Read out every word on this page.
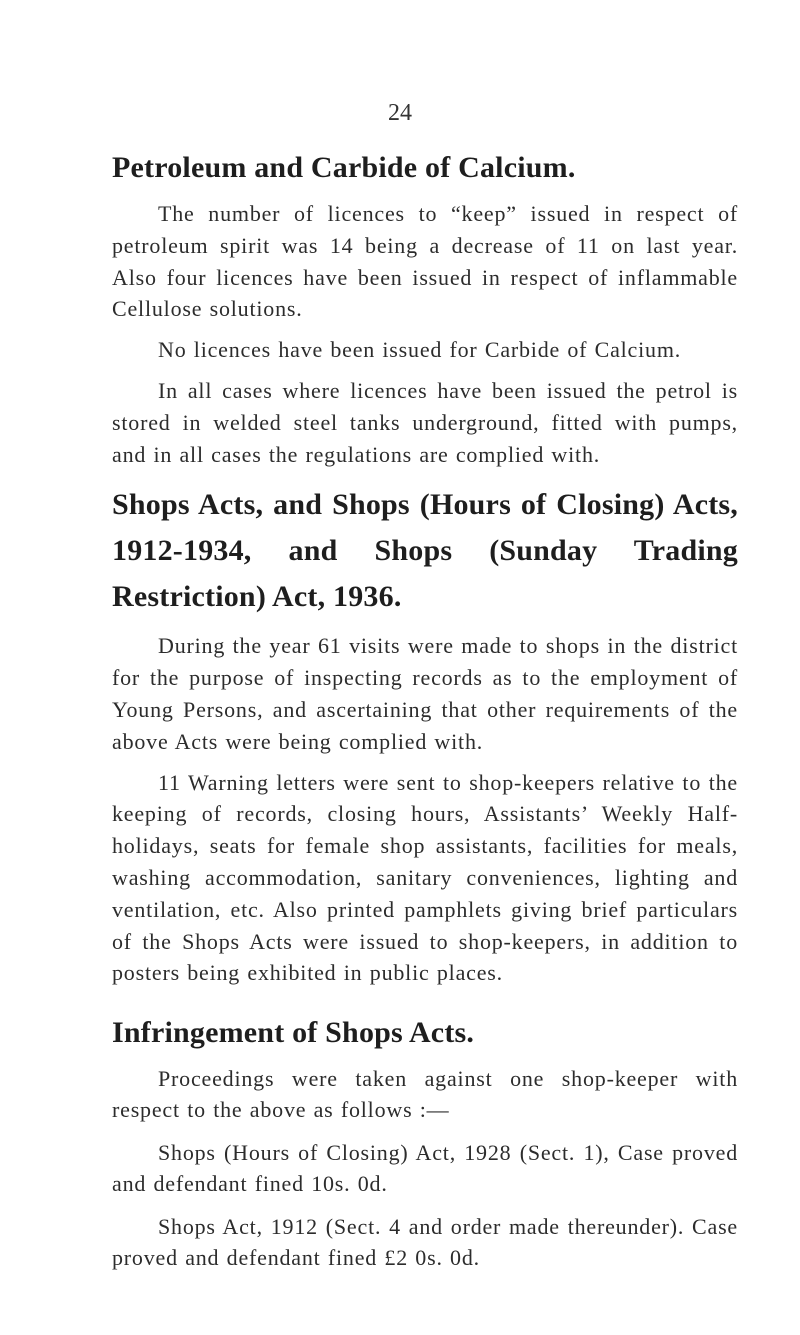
24
Petroleum and Carbide of Calcium.

The number of licences to “keep” issued in respect of petroleum spirit was 14 being a decrease of 11 on last year. Also four licences have been issued in respect of inflammable Cellulose solutions.

No licences have been issued for Carbide of Calcium.

In all cases where licences have been issued the petrol is stored in welded steel tanks underground, fitted with pumps, and in all cases the regulations are complied with.

Shops Acts, and Shops (Hours of Closing) Acts, 1912-1934, and Shops (Sunday Trading Restriction) Act, 1936.

During the year 61 visits were made to shops in the district for the purpose of inspecting records as to the employment of Young Persons, and ascertaining that other requirements of the above Acts were being complied with.

11 Warning letters were sent to shop-keepers relative to the keeping of records, closing hours, Assistants’ Weekly Half-holidays, seats for female shop assistants, facilities for meals, washing accommodation, sanitary conveniences, lighting and ventilation, etc. Also printed pamphlets giving brief particulars of the Shops Acts were issued to shop-keepers, in addition to posters being exhibited in public places.

Infringement of Shops Acts.

Proceedings were taken against one shop-keeper with respect to the above as follows :—

Shops (Hours of Closing) Act, 1928 (Sect. 1), Case proved and defendant fined 10s. 0d.

Shops Act, 1912 (Sect. 4 and order made thereunder). Case proved and defendant fined £2 0s. 0d.
